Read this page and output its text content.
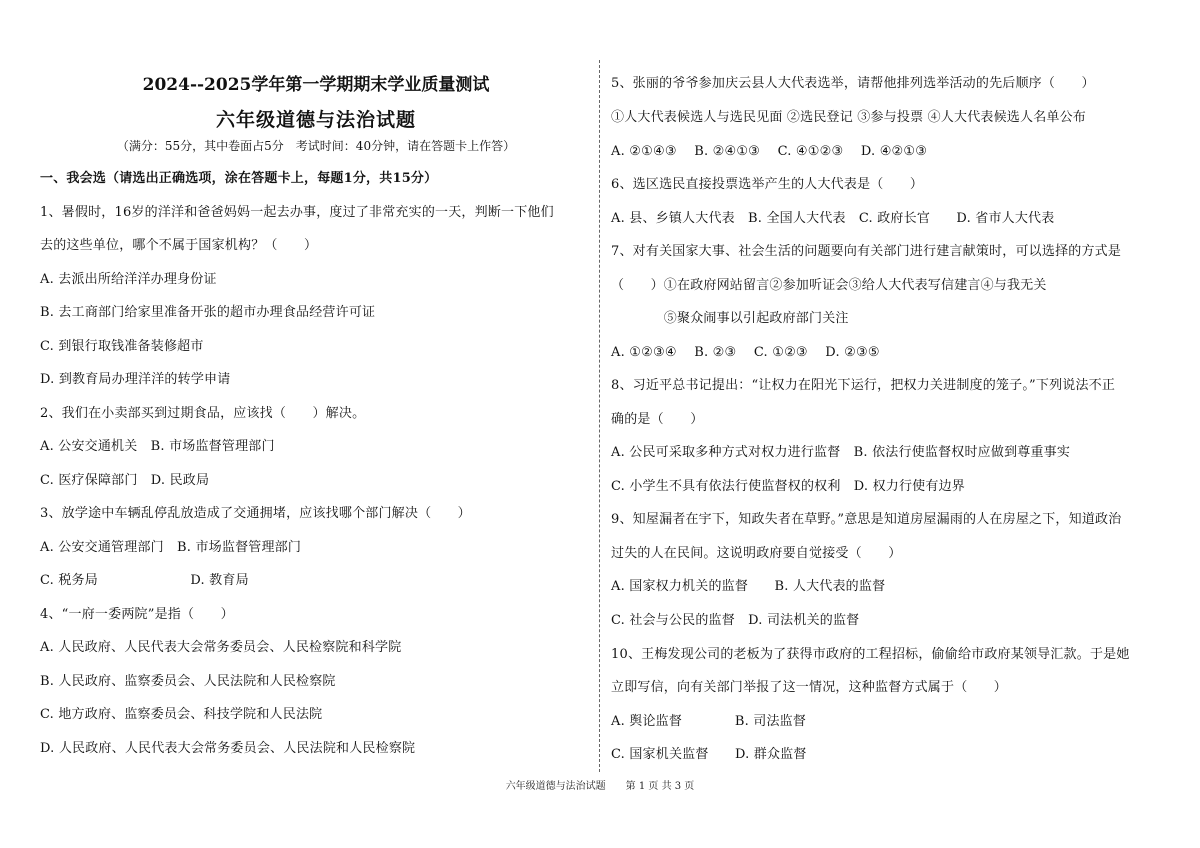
2024--2025学年第一学期期末学业质量测试
六年级道德与法治试题
（满分：55分，其中卷面占5分　考试时间：40分钟，请在答题卡上作答）
一、我会选（请选出正确选项，涂在答题卡上，每题1分，共15分）
1、暑假时，16岁的洋洋和爸爸妈妈一起去办事，度过了非常充实的一天，判断一下他们
去的这些单位，哪个不属于国家机构？（　　）
A. 去派出所给洋洋办理身份证
B. 去工商部门给家里准备开张的超市办理食品经营许可证
C. 到银行取钱准备装修超市
D. 到教育局办理洋洋的转学申请
2、我们在小卖部买到过期食品，应该找（　　）解决。
A. 公安交通机关　B. 市场监督管理部门
C. 医疗保障部门　D. 民政局
3、放学途中车辆乱停乱放造成了交通拥堵，应该找哪个部门解决（　　）
A. 公安交通管理部门　B. 市场监督管理部门
C. 税务局　　　　　　　D. 教育局
4、“一府一委两院”是指（　　）
A. 人民政府、人民代表大会常务委员会、人民检察院和科学院
B. 人民政府、监察委员会、人民法院和人民检察院
C. 地方政府、监察委员会、科技学院和人民法院
D. 人民政府、人民代表大会常务委员会、人民法院和人民检察院
5、张丽的爷爷参加庆云县人大代表选举，请帮他排列选举活动的先后顺序（　　）
①人大代表候选人与选民见面 ②选民登记 ③参与投票 ④人大代表候选人名单公布
A. ②①④③　 B. ②④①③　 C. ④①②③　 D. ④②①③
6、选区选民直接投票选举产生的人大代表是（　　）
A. 县、乡镇人大代表　B. 全国人大代表　C. 政府长官　　D. 省市人大代表
7、对有关国家大事、社会生活的问题要向有关部门进行建言献策时，可以选择的方式是
（　　）①在政府网站留言②参加听证会③给人大代表写信建言④与我无关
　　　　⑤聚众闹事以引起政府部门关注
A. ①②③④　 B. ②③　 C. ①②③　 D. ②③⑤
8、习近平总书记提出：“让权力在阳光下运行，把权力关进制度的笼子。”下列说法不正
确的是（　　）
A. 公民可采取多种方式对权力进行监督　B. 依法行使监督权时应做到尊重事实
C. 小学生不具有依法行使监督权的权利　D. 权力行使有边界
9、知屋漏者在宇下，知政失者在草野。”意思是知道房屋漏雨的人在房屋之下，知道政治
过失的人在民间。这说明政府要自觉接受（　　）
A. 国家权力机关的监督　　B. 人大代表的监督
C. 社会与公民的监督　D. 司法机关的监督
10、王梅发现公司的老板为了获得市政府的工程招标，偷偷给市政府某领导汇款。于是她
立即写信，向有关部门举报了这一情况，这种监督方式属于（　　）
A. 舆论监督　　　　B. 司法监督
C. 国家机关监督　　D. 群众监督
六年级道德与法治试题　　第 1 页 共 3 页
